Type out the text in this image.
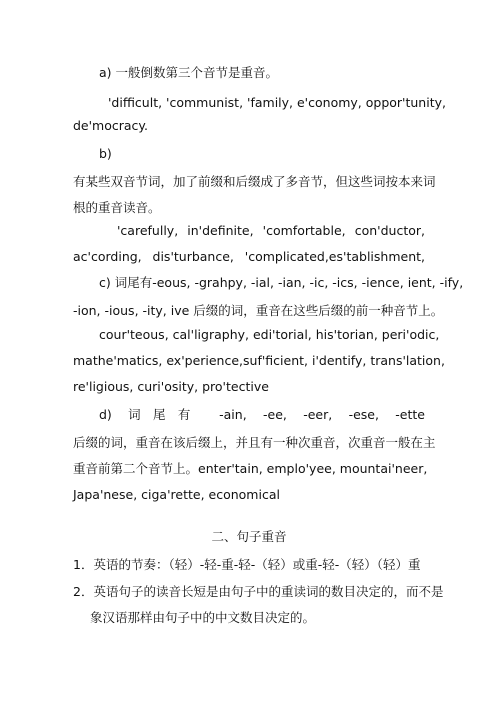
a) 一般倒数第三个音节是重音。
'difficult, 'communist, 'family, e'conomy, oppor'tunity,
de'mocracy.
b)
有某些双音节词，加了前缀和后缀成了多音节，但这些词按本来词
根的重音读音。
'carefully, in'definite, 'comfortable, con'ductor,
ac'cording, dis'turbance, 'complicated,es'tablishment,
c) 词尾有-eous, -grahpy, -ial, -ian, -ic, -ics, -ience, ient, -ify,
-ion, -ious, -ity, ive 后缀的词，重音在这些后缀的前一种音节上。
cour'teous, cal'ligraphy, edi'torial, his'torian, peri'odic,
mathe'matics, ex'perience,suf'ficient, i'dentify, trans'lation,
re'ligious, curi'osity, pro'tective
d) 词尾有 -ain, -ee, -eer, -ese, -ette
后缀的词，重音在该后缀上，并且有一种次重音，次重音一般在主
重音前第二个音节上。enter'tain, emplo'yee, mountai'neer,
Japa'nese, ciga'rette, economical
二、句子重音
1．英语的节奏：（轻）-轻-重-轻-（轻）或重-轻-（轻）（轻）重
2．英语句子的读音长短是由句子中的重读词的数目决定的，而不是
象汉语那样由句子中的中文数目决定的。
